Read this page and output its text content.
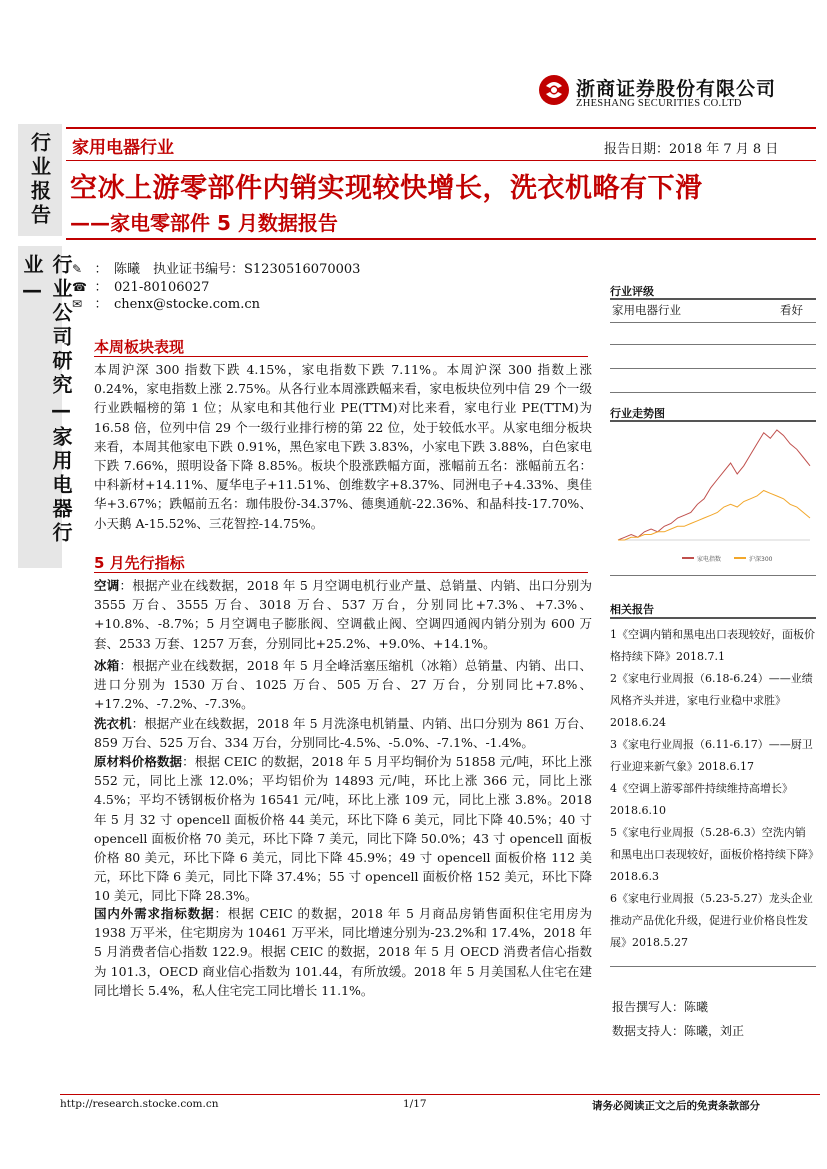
行业报告
行业公司研究—家用电器行业—
浙商证券股份有限公司
ZHESHANG SECURITIES CO.LTD
家用电器行业	报告日期：2018 年 7 月 8 日
空冰上游零部件内销实现较快增长，洗衣机略有下滑
——家电零部件 5 月数据报告
✎ ： 陈曦　执业证书编号：S1230516070003
☎ ： 021-80106027
✉ ： chenx@stocke.com.cn
本周板块表现
本周沪深 300 指数下跌 4.15%，家电指数下跌 7.11%。本周沪深 300 指数上涨 0.24%，家电指数上涨 2.75%。从各行业本周涨跌幅来看，家电板块位列中信 29 个一级行业跌幅榜的第 1 位；从家电和其他行业 PE(TTM)对比来看，家电行业 PE(TTM)为 16.58 倍，位列中信 29 个一级行业排行榜的第 22 位，处于较低水平。从家电细分板块来看，本周其他家电下跌 0.91%，黑色家电下跌 3.83%，小家电下跌 3.88%，白色家电下跌 7.66%，照明设备下降 8.85%。板块个股涨跌幅方面，涨幅前五名：涨幅前五名：中科新材+14.11%、厦华电子+11.51%、创维数字+8.37%、同洲电子+4.33%、奥佳华+3.67%；跌幅前五名：珈伟股份-34.37%、德奥通航-22.36%、和晶科技-17.70%、小天鹅 A-15.52%、三花智控-14.75%。
5 月先行指标
空调：根据产业在线数据，2018 年 5 月空调电机行业产量、总销量、内销、出口分别为 3555 万台、3555 万台、3018 万台、537 万台，分别同比+7.3%、+7.3%、+10.8%、-8.7%；5 月空调电子膨胀阀、空调截止阀、空调四通阀内销分别为 600 万套、2533 万套、1257 万套，分别同比+25.2%、+9.0%、+14.1%。
冰箱：根据产业在线数据，2018 年 5 月全峰活塞压缩机（冰箱）总销量、内销、出口、进口分别为 1530 万台、1025 万台、505 万台、27 万台，分别同比+7.8%、+17.2%、-7.2%、-7.3%。
洗衣机：根据产业在线数据，2018 年 5 月洗涤电机销量、内销、出口分别为 861 万台、859 万台、525 万台、334 万台，分别同比-4.5%、-5.0%、-7.1%、-1.4%。
原材料价格数据：根据 CEIC 的数据，2018 年 5 月平均铜价为 51858 元/吨，环比上涨 552 元，同比上涨 12.0%；平均铝价为 14893 元/吨，环比上涨 366 元，同比上涨 4.5%；平均不锈钢板价格为 16541 元/吨，环比上涨 109 元，同比上涨 3.8%。2018 年 5 月 32 寸 opencell 面板价格 44 美元，环比下降 6 美元，同比下降 40.5%；40 寸 opencell 面板价格 70 美元，环比下降 7 美元，同比下降 50.0%；43 寸 opencell 面板价格 80 美元，环比下降 6 美元，同比下降 45.9%；49 寸 opencell 面板价格 112 美元，环比下降 6 美元，同比下降 37.4%；55 寸 opencell 面板价格 152 美元，环比下降 10 美元，同比下降 28.3%。
国内外需求指标数据：根据 CEIC 的数据，2018 年 5 月商品房销售面积住宅用房为 1938 万平米，住宅期房为 10461 万平米，同比增速分别为-23.2%和 17.4%，2018 年 5 月消费者信心指数 122.9。根据 CEIC 的数据，2018 年 5 月 OECD 消费者信心指数为 101.3，OECD 商业信心指数为 101.44，有所放缓。2018 年 5 月美国私人住宅在建同比增长 5.4%，私人住宅完工同比增长 11.1%。
行业评级
家用电器行业	看好
行业走势图
家电指数	沪深300
相关报告
1《空调内销和黑电出口表现较好，面板价格持续下降》2018.7.1
2《家电行业周报（6.18-6.24）——业绩风格齐头并进，家电行业稳中求胜》2018.6.24
3《家电行业周报（6.11-6.17）——厨卫行业迎来新气象》2018.6.17
4《空调上游零部件持续维持高增长》2018.6.10
5《家电行业周报（5.28-6.3）空洗内销和黑电出口表现较好，面板价格持续下降》2018.6.3
6《家电行业周报（5.23-5.27）龙头企业推动产品优化升级，促进行业价格良性发展》2018.5.27
报告撰写人：陈曦
数据支持人：陈曦，刘正
http://research.stocke.com.cn	1/17	请务必阅读正文之后的免责条款部分
